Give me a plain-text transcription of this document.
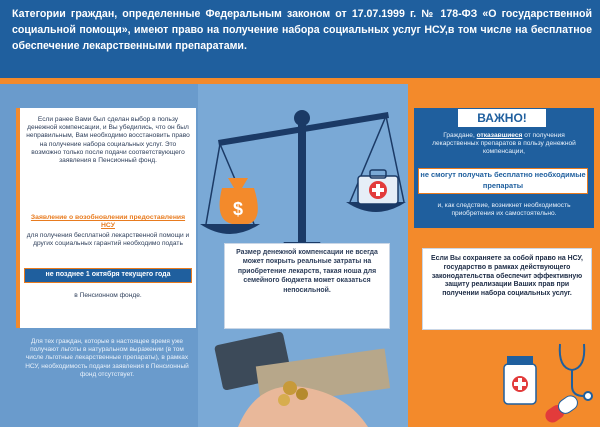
Категории граждан, определенные Федеральным законом от 17.07.1999 г. № 178-ФЗ «О государственной социальной помощи», имеют право на получение набора социальных услуг НСУ,в том числе на бесплатное обеспечение лекарственными препаратами.
Если ранее Вами был сделан выбор в пользу денежной компенсации, и Вы убедились, что он был неправильным, Вам необходимо восстановить право на получение набора социальных услуг. Это возможно только после подачи соответствующего заявления в Пенсионный фонд.
Заявление о возобновлении предоставления НСУ
для получения бесплатной лекарственной помощи и других социальных гарантий необходимо подать
не позднее 1 октября текущего года
в Пенсионном фонде.
Для тех граждан, которые в настоящее время уже получают льготы в натуральном выражении (в том числе льготные лекарственные препараты), в рамках НСУ, необходимость подачи заявления в Пенсионный фонд отсутствует.
$
Размер денежной компенсации не всегда может покрыть реальные затраты на приобретение лекарств, такая ноша для семейного бюджета может оказаться непосильной.
Граждане, отказавшиеся от получения лекарственных препаратов в пользу денежной компенсации,
и, как следствие, возникнет необходимость приобретения их самостоятельно.
ВАЖНО!
не смогут получать бесплатно необходимые препараты
Если Вы сохраняете за собой право на НСУ, государство в рамках действующего законодательства обеспечит эффективную защиту реализации Ваших прав при получении набора социальных услуг.
